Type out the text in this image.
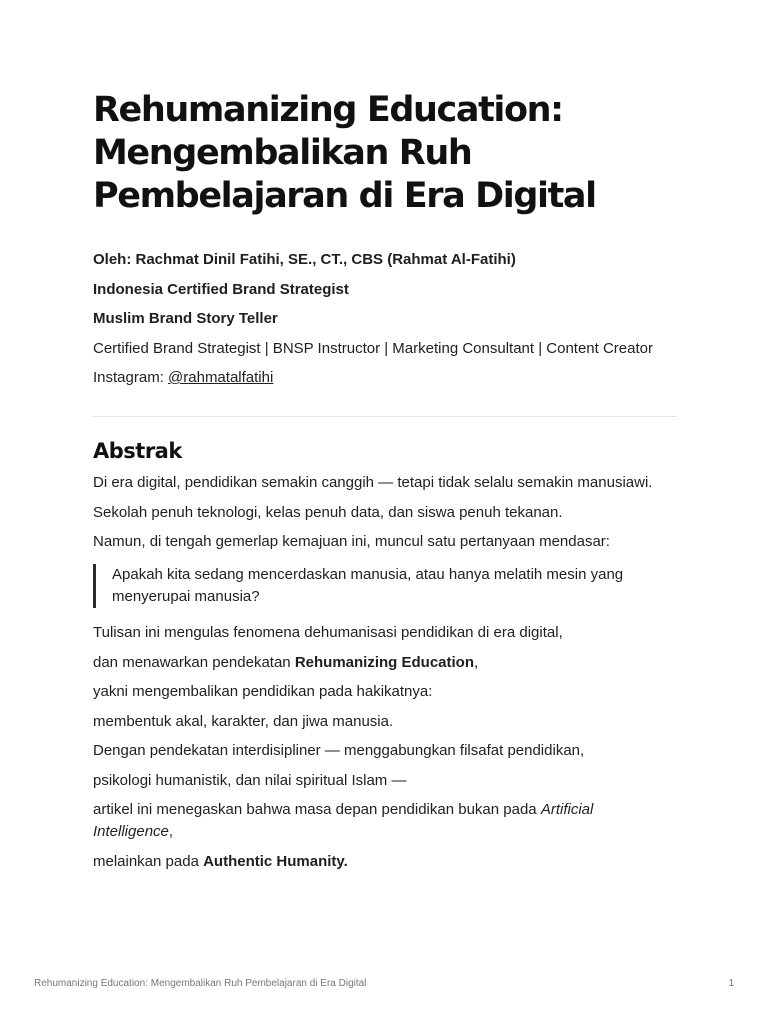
Rehumanizing Education:
Mengembalikan Ruh
Pembelajaran di Era Digital

Oleh: Rachmat Dinil Fatihi, SE., CT., CBS (Rahmat Al-Fatihi)

Indonesia Certified Brand Strategist

Muslim Brand Story Teller

Certified Brand Strategist | BNSP Instructor | Marketing Consultant | Content Creator

Instagram: @rahmatalfatihi

Abstrak

Di era digital, pendidikan semakin canggih — tetapi tidak selalu semakin manusiawi.

Sekolah penuh teknologi, kelas penuh data, dan siswa penuh tekanan.

Namun, di tengah gemerlap kemajuan ini, muncul satu pertanyaan mendasar:

Apakah kita sedang mencerdaskan manusia, atau hanya melatih mesin yang menyerupai manusia?

Tulisan ini mengulas fenomena dehumanisasi pendidikan di era digital,

dan menawarkan pendekatan Rehumanizing Education,

yakni mengembalikan pendidikan pada hakikatnya:

membentuk akal, karakter, dan jiwa manusia.

Dengan pendekatan interdisipliner — menggabungkan filsafat pendidikan,

psikologi humanistik, dan nilai spiritual Islam —

artikel ini menegaskan bahwa masa depan pendidikan bukan pada Artificial Intelligence,

melainkan pada Authentic Humanity.

Rehumanizing Education: Mengembalikan Ruh Pembelajaran di Era Digital	1
